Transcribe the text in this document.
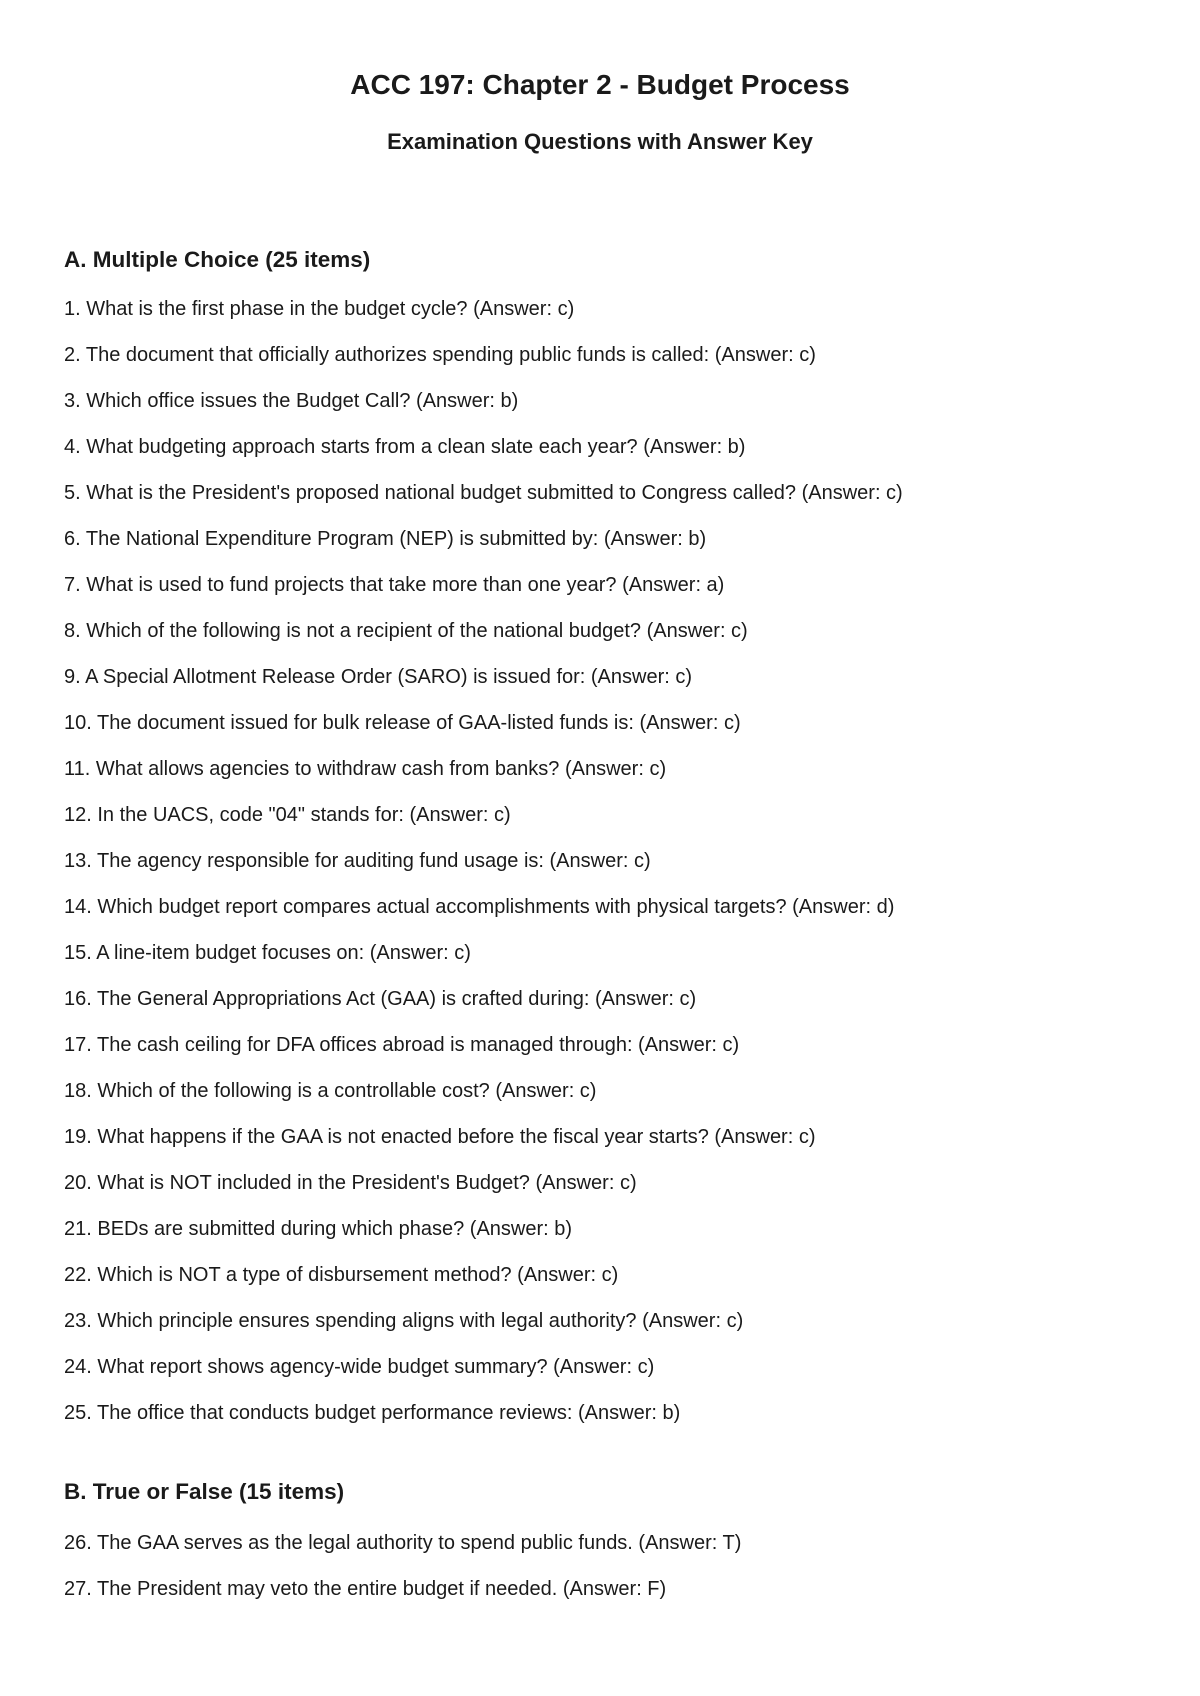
ACC 197: Chapter 2 - Budget Process
Examination Questions with Answer Key
A. Multiple Choice (25 items)
1. What is the first phase in the budget cycle? (Answer: c)
2. The document that officially authorizes spending public funds is called: (Answer: c)
3. Which office issues the Budget Call? (Answer: b)
4. What budgeting approach starts from a clean slate each year? (Answer: b)
5. What is the President's proposed national budget submitted to Congress called? (Answer: c)
6. The National Expenditure Program (NEP) is submitted by: (Answer: b)
7. What is used to fund projects that take more than one year? (Answer: a)
8. Which of the following is not a recipient of the national budget? (Answer: c)
9. A Special Allotment Release Order (SARO) is issued for: (Answer: c)
10. The document issued for bulk release of GAA-listed funds is: (Answer: c)
11. What allows agencies to withdraw cash from banks? (Answer: c)
12. In the UACS, code "04" stands for: (Answer: c)
13. The agency responsible for auditing fund usage is: (Answer: c)
14. Which budget report compares actual accomplishments with physical targets? (Answer: d)
15. A line-item budget focuses on: (Answer: c)
16. The General Appropriations Act (GAA) is crafted during: (Answer: c)
17. The cash ceiling for DFA offices abroad is managed through: (Answer: c)
18. Which of the following is a controllable cost? (Answer: c)
19. What happens if the GAA is not enacted before the fiscal year starts? (Answer: c)
20. What is NOT included in the President's Budget? (Answer: c)
21. BEDs are submitted during which phase? (Answer: b)
22. Which is NOT a type of disbursement method? (Answer: c)
23. Which principle ensures spending aligns with legal authority? (Answer: c)
24. What report shows agency-wide budget summary? (Answer: c)
25. The office that conducts budget performance reviews: (Answer: b)
B. True or False (15 items)
26. The GAA serves as the legal authority to spend public funds. (Answer: T)
27. The President may veto the entire budget if needed. (Answer: F)
